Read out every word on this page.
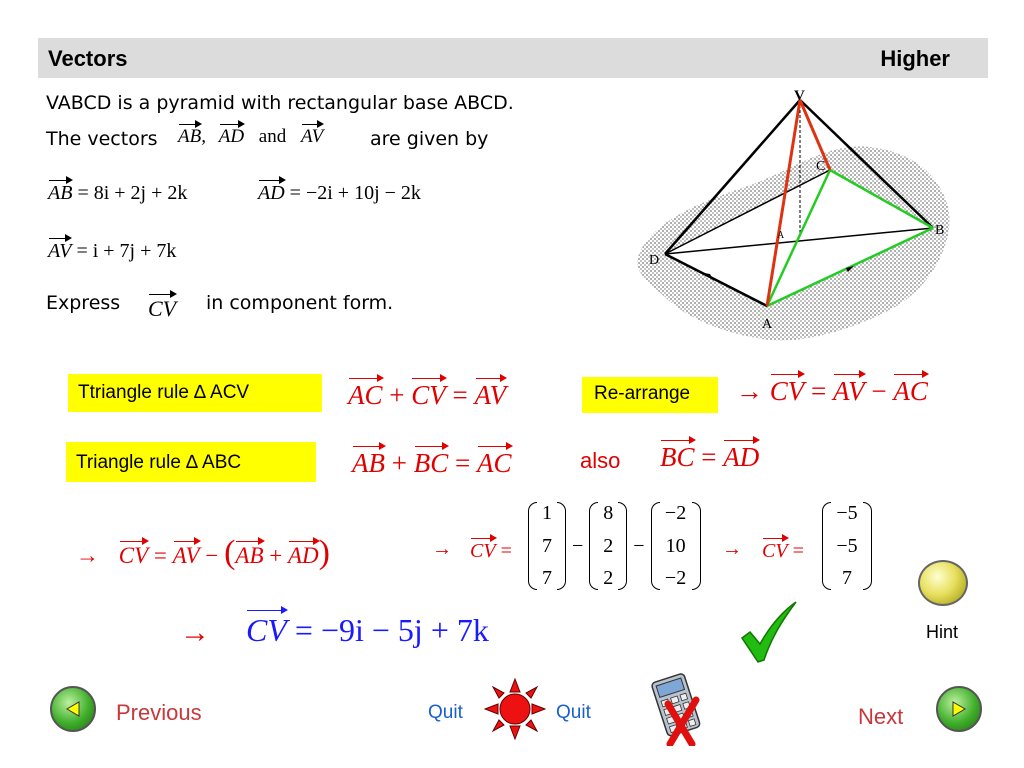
Vectors	Higher
VABCD is a pyramid with rectangular base ABCD.
The vectors AB, AD and AV are given by
AB = 8i + 2j + 2k	AD = −2i + 10j − 2k
AV = i + 7j + 7k
Express CV in component form.
V
C
B
D
A
A
Ttriangle rule ∆ ACV	AC + CV = AV	Re-arrange	→ CV = AV − AC
Triangle rule ∆ ABC	AB + BC = AC	also BC = AD
→ CV = AV − (AB + AD)	→ CV =
1
7
7
−
8
2
2
−
−2
10
−2
→ CV =
−5
−5
7
→ CV = −9i − 5j + 7k	Hint
Previous	Quit	Quit	Next
